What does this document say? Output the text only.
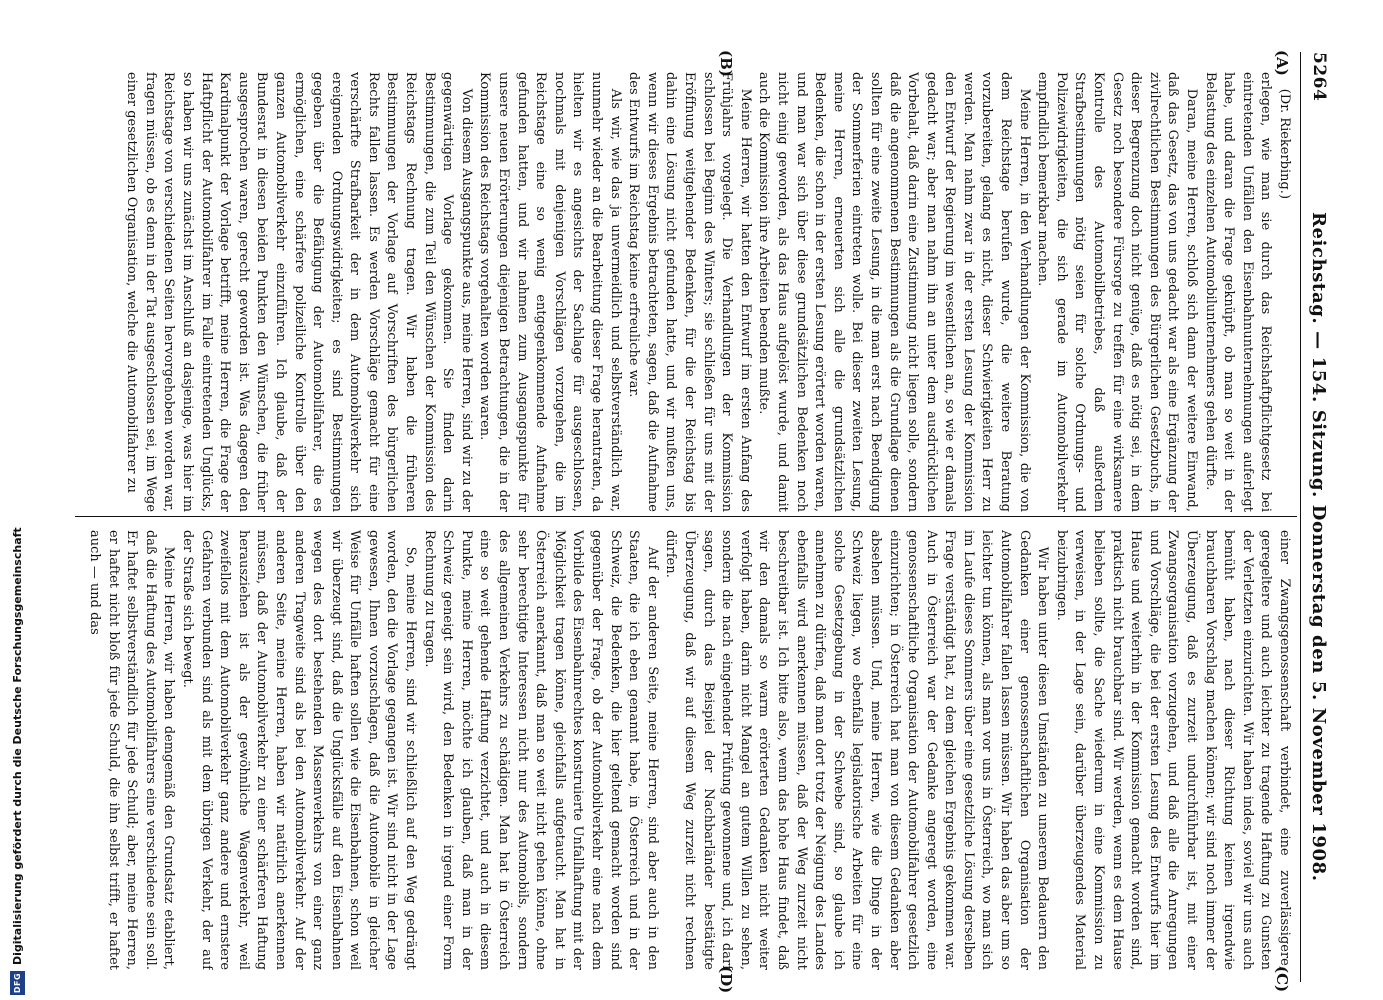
DFG
Digitalisierung gefördert durch die Deutsche Forschungsgemeinschaft
5264
Reichstag. — 154. Sitzung. Donnerstag den 5. November 1908.
(A)
(B)
(C)
(D)

(Dr. Riekerbing.)

erlegen, wie man sie durch das Reichshaftpflichtgesetz bei eintretenden Unfällen den Eisenbahnunternehmungen auferlegt habe, und daran die Frage geknüpft, ob man so weit in der Belastung des einzelnen Automobilunternehmers gehen dürfte.

Daran, meine Herren, schloß sich dann der weitere Einwand, daß das Gesetz, das von uns gedacht war als eine Ergänzung der zivilrechtlichen Bestimmungen des Bürgerlichen Gesetzbuchs, in dieser Begrenzung doch nicht genüge, daß es nötig sei, in dem Gesetz noch besondere Fürsorge zu treffen für eine wirksamere Kontrolle des Automobilbetriebes, daß außerdem Strafbestimmungen nötig seien für solche Ordnungs- und Polizeiwidrigkeiten, die sich gerade im Automobilverkehr empfindlich bemerkbar machen.

Meine Herren, in den Verhandlungen der Kommission, die von dem Reichstage berufen wurde, die weitere Beratung vorzubereiten, gelang es nicht, dieser Schwierigkeiten Herr zu werden. Man nahm zwar in der ersten Lesung der Kommission den Entwurf der Regierung im wesentlichen an, so wie er damals gedacht war; aber man nahm ihn an unter dem ausdrücklichen Vorbehalt, daß darin eine Zustimmung nicht liegen solle, sondern daß die angenommenen Bestimmungen als die Grundlage dienen sollten für eine zweite Lesung, in die man erst nach Beendigung der Sommerferien eintreten wolle. Bei dieser zweiten Lesung, meine Herren, erneuerten sich alle die grundsätzlichen Bedenken, die schon in der ersten Lesung erörtert worden waren, und man war sich über diese grundsätzlichen Bedenken noch nicht einig geworden, als das Haus aufgelöst wurde, und damit auch die Kommission ihre Arbeiten beenden mußte.

Meine Herren, wir hatten den Entwurf im ersten Anfang des Frühjahrs vorgelegt. Die Verhandlungen der Kommission schlossen bei Beginn des Winters; sie schließen für uns mit der Eröffnung weitgehender Bedenken, für die der Reichstag bis dahin eine Lösung nicht gefunden hatte, und wir mußten uns, wenn wir dieses Ergebnis betrachteten, sagen, daß die Aufnahme des Entwurfs im Reichstag keine erfreuliche war.

Als wir, wie das ja unvermeidlich und selbstverständlich war, nunmehr wieder an die Bearbeitung dieser Frage herantraten, da hielten wir es angesichts der Sachlage für ausgeschlossen, nochmals mit denjenigen Vorschlägen vorzugehen, die im Reichstage eine so wenig entgegenkommende Aufnahme gefunden hatten, und wir nahmen zum Ausgangspunkte für unsere neuen Erörterungen diejenigen Betrachtungen, die in der Kommission des Reichstags vorgehalten worden waren.

Von diesem Ausgangspunkte aus, meine Herren, sind wir zu der gegenwärtigen Vorlage gekommen. Sie finden darin Bestimmungen, die zum Teil den Wünschen der Kommission des Reichstags Rechnung tragen. Wir haben die früheren Bestimmungen der Vorlage auf Vorschriften des bürgerlichen Rechts fallen lassen. Es werden Vorschläge gemacht für eine verschärfte Strafbarkeit der in dem Automobilverkehr sich ereignenden Ordnungswidrigkeiten; es sind Bestimmungen gegeben über die Befähigung der Automobilfahrer, die es ermöglichen, eine schärfere polizeiliche Kontrolle über den ganzen Automobilverkehr einzuführen. Ich glaube, daß der Bundesrat in diesen beiden Punkten den Wünschen, die früher ausgesprochen waren, gerecht geworden ist. Was dagegen den Kardinalpunkt der Vorlage betrifft, meine Herren, die Frage der Haftpflicht der Automobilfahrer im Falle eintretenden Unglücks, so haben wir uns zunächst im Anschluß an dasjenige, was hier im Reichstage von verschiedenen Seiten hervorgehoben worden war, fragen müssen, ob es denn in der Tat ausgeschlossen sei, im Wege einer gesetzlichen Organisation, welche die Automobilfahrer zu

einer Zwangsgenossenschaft verbindet, eine zuverlässigere, geregeltere und auch leichter zu tragende Haftung zu Gunsten der Verletzten einzurichten. Wir haben indes, soviel wir uns auch bemüht haben, nach dieser Richtung keinen irgendwie brauchbaren Vorschlag machen können; wir sind noch immer der Überzeugung, daß es zurzeit undurchführbar ist, mit einer Zwangsorganisation vorzugehen, und daß alle die Anregungen und Vorschläge, die bei der ersten Lesung des Entwurfs hier im Hause und weiterhin in der Kommission gemacht worden sind, praktisch nicht brauchbar sind. Wir werden, wenn es dem Hause belieben sollte, die Sache wiederum in eine Kommission zu verweisen, in der Lage sein, darüber überzeugendes Material beizubringen.

Wir haben unter diesen Umständen zu unserem Bedauern den Gedanken einer genossenschaftlichen Organisation der Automobilfahrer fallen lassen müssen. Wir haben das aber um so leichter tun können, als man vor uns in Österreich, wo man sich im Laufe dieses Sommers über eine gesetzliche Lösung derselben Frage verständigt hat, zu dem gleichen Ergebnis gekommen war. Auch in Österreich war der Gedanke angeregt worden, eine genossenschaftliche Organisation der Automobilfahrer gesetzlich einzurichten; in Österreich hat man von diesem Gedanken aber absehen müssen. Und, meine Herren, wie die Dinge in der Schweiz liegen, wo ebenfalls legislatorische Arbeiten für eine solche Gesetzgebung in der Schwebe sind, so glaube ich annehmen zu dürfen, daß man dort trotz der Neigung des Landes ebenfalls wird anerkennen müssen, daß der Weg zurzeit nicht beschreitbar ist. Ich bitte also, wenn das hohe Haus findet, daß wir den damals so warm erörterten Gedanken nicht weiter verfolgt haben, darin nicht Mangel an gutem Willen zu sehen, sondern die nach eingehender Prüfung gewonnene und, ich darf sagen, durch das Beispiel der Nachbarländer bestätigte Überzeugung, daß wir auf diesem Weg zurzeit nicht rechnen dürfen.

Auf der anderen Seite, meine Herren, sind aber auch in den Staaten, die ich eben genannt habe, in Österreich und in der Schweiz, die Bedenken, die hier geltend gemacht worden sind gegenüber der Frage, ob der Automobilverkehr eine nach dem Vorbilde des Eisenbahnrechtes konstruierte Unfallhaftung mit der Möglichkeit tragen könne, gleichfalls aufgetaucht. Man hat in Österreich anerkannt, daß man so weit nicht gehen könne, ohne sehr berechtigte Interessen nicht nur des Automobils, sondern des allgemeinen Verkehrs zu schädigen. Man hat in Österreich eine so weit gehende Haftung verzichtet, und auch in diesem Punkte, meine Herren, möchte ich glauben, daß man in der Schweiz geneigt sein wird, den Bedenken in irgend einer Form Rechnung zu tragen.

So, meine Herren, sind wir schließlich auf den Weg gedrängt worden, den die Vorlage gegangen ist. Wir sind nicht in der Lage gewesen, Ihnen vorzuschlagen, daß die Automobile in gleicher Weise für Unfälle haften sollen wie die Eisenbahnen, schon weil wir überzeugt sind, daß die Unglücksfälle auf den Eisenbahnen wegen des dort bestehenden Massenverkehrs von einer ganz anderen Tragweite sind als bei den Automobilverkehr. Auf der anderen Seite, meine Herren, haben wir natürlich anerkennen müssen, daß der Automobilverkehr zu einer schärferen Haftung herausziehen ist als der gewöhnliche Wagenverkehr, weil zweifellos mit dem Automobilverkehr ganz andere und ernstere Gefahren verbunden sind als mit dem übrigen Verkehr, der auf der Straße sich bewegt.

Meine Herren, wir haben demgemäß den Grundsatz etabliert, daß die Haftung des Automobilfahrers eine verschiedene sein soll. Er haftet selbstverständlich für jede Schuld; aber, meine Herren, er haftet nicht bloß für jede Schuld, die ihn selbst trifft, er haftet auch — und das
